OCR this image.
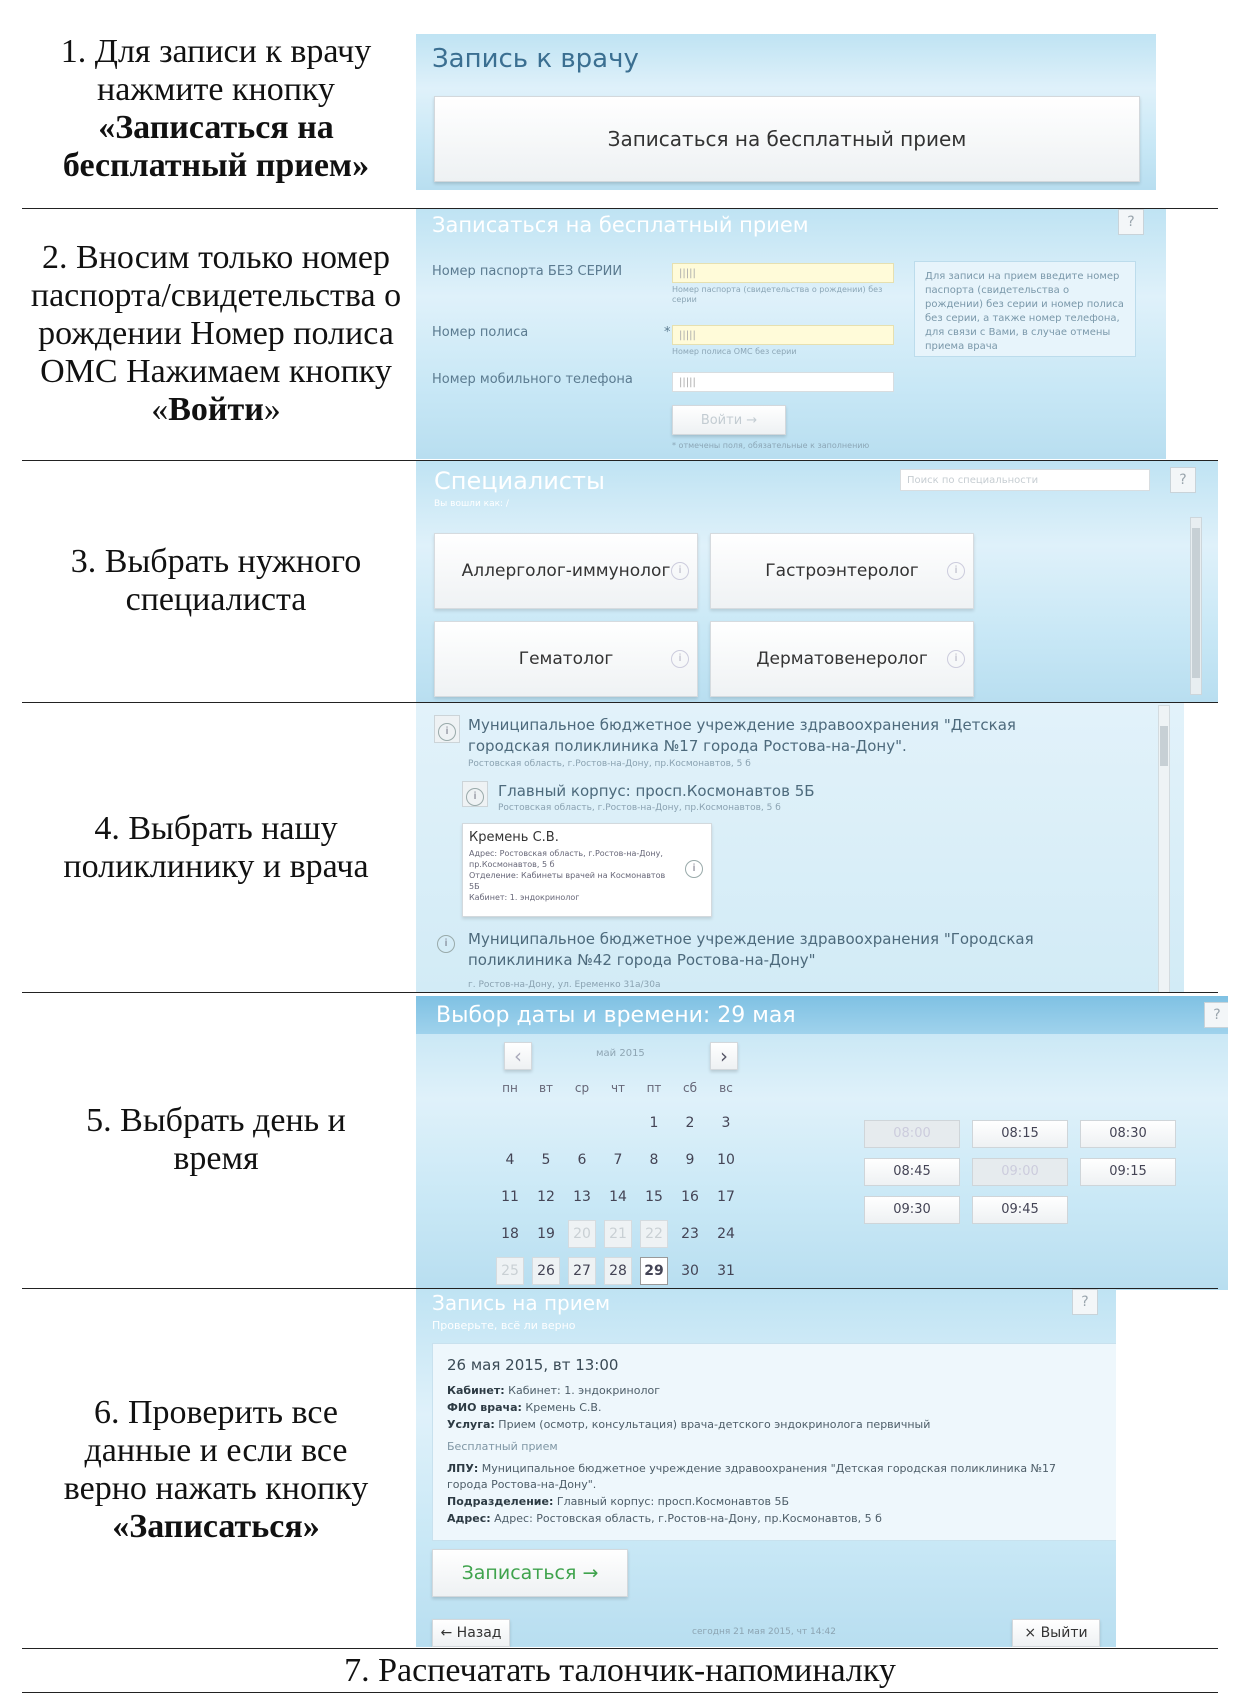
1. Для записи к врачу нажмите кнопку «Записаться на бесплатный прием»
Запись к врачу
Записаться на бесплатный прием
2. Вносим только номер паспорта/свидетельства о рождении Номер полиса ОМС Нажимаем кнопку «Войти»
Записаться на бесплатный прием	?
Номер паспорта БЕЗ СЕРИИ	|||||
Номер паспорта (свидетельства о рождении) без серии
Номер полиса	* |||||
Номер полиса ОМС без серии
Номер мобильного телефона	|||||
Войти →
* отмечены поля, обязательные к заполнению
Для записи на прием введите номер паспорта (свидетельства о рождении) без серии и номер полиса без серии, а также номер телефона, для связи с Вами, в случае отмены приема врача
3. Выбрать нужного специалиста
Специалисты
Вы вошли как: /
Поиск по специальности	?
Аллерголог-иммунолог i	Гастроэнтеролог	i
Гематолог	i	Дерматовенеролог	i
4. Выбрать нашу поликлинику и врача
i	Муниципальное бюджетное учреждение здравоохранения "Детская городская поликлиника №17 города Ростова-на-Дону".
Ростовская область, г.Ростов-на-Дону, пр.Космонавтов, 5 б
i	Главный корпус: просп.Космонавтов 5Б
Ростовская область, г.Ростов-на-Дону, пр.Космонавтов, 5 б
Кремень С.В.
Адрес: Ростовская область, г.Ростов-на-Дону, пр.Космонавтов, 5 б
Отделение: Кабинеты врачей на Космонавтов 5Б
Кабинет: 1. эндокринолог
i
i	Муниципальное бюджетное учреждение здравоохранения "Городская поликлиника №42 города Ростова-на-Дону"
г. Ростов-на-Дону, ул. Еременко 31а/30а
5. Выбрать день и время
Выбор даты и времени: 29 мая	?
‹	май 2015	›
пн	вт	ср	чт	пт	сб	вс
				1	2	3
4	5	6	7	8	9	10
11	12	13	14	15	16	17
18	19	20	21	22	23	24
25	26	27	28	29	30	31
08:00	08:15	08:30
08:45	09:00	09:15
09:30	09:45
6. Проверить все данные и если все верно нажать кнопку «Записаться»
Запись на прием
Проверьте, всё ли верно
?
26 мая 2015, вт 13:00
Кабинет: Кабинет: 1. эндокринолог
ФИО врача: Кремень С.В.
Услуга: Прием (осмотр, консультация) врача-детского эндокринолога первичный
Бесплатный прием
ЛПУ: Муниципальное бюджетное учреждение здравоохранения "Детская городская поликлиника №17
города Ростова-на-Дону".
Подразделение: Главный корпус: просп.Космонавтов 5Б
Адрес: Адрес: Ростовская область, г.Ростов-на-Дону, пр.Космонавтов, 5 б
Записаться →
← Назад	сегодня 21 мая 2015, чт 14:42	× Выйти
7. Распечатать талончик-напоминалку
